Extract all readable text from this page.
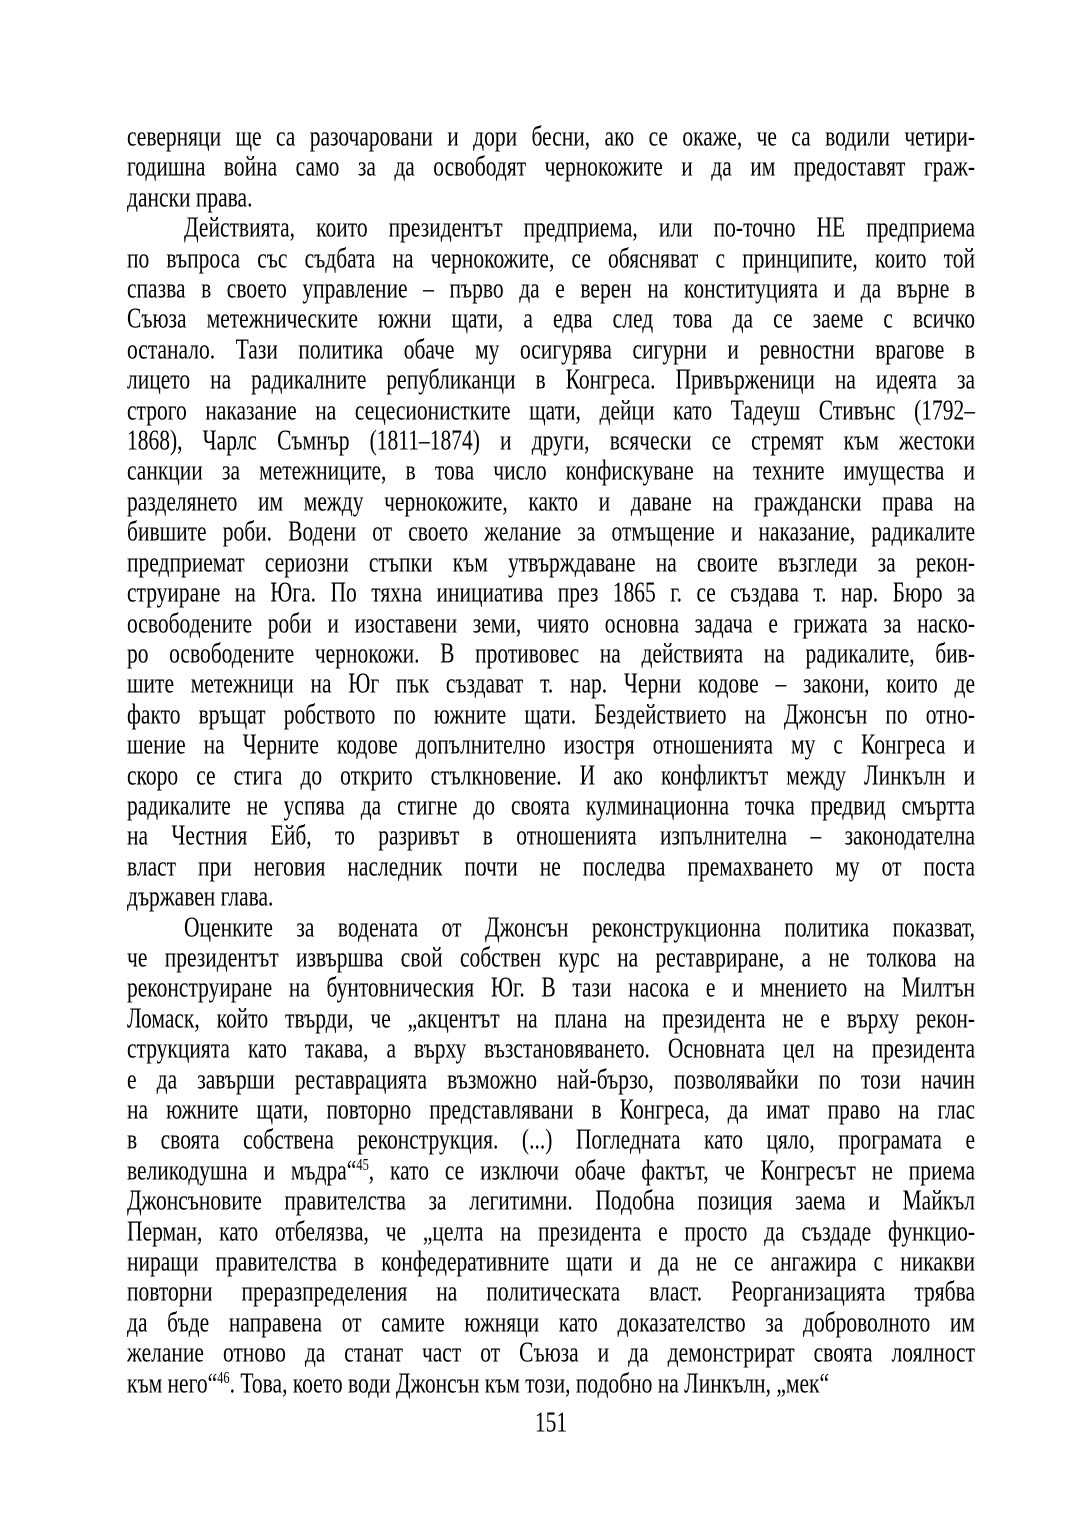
северняци ще са разочаровани и дори бесни, ако се окаже, че са водили четири-
годишна война само за да освободят чернокожите и да им предоставят граж-
дански права.
Действията, които президентът предприема, или по-точно НЕ предприема
по въпроса със съдбата на чернокожите, се обясняват с принципите, които той
спазва в своето управление – първо да е верен на конституцията и да върне в
Съюза метежническите южни щати, а едва след това да се заеме с всичко
останало. Тази политика обаче му осигурява сигурни и ревностни врагове в
лицето на радикалните републиканци в Конгреса. Привърженици на идеята за
строго наказание на сецесионистките щати, дейци като Тадеуш Стивънс (1792–
1868), Чарлс Съмнър (1811–1874) и други, всячески се стремят към жестоки
санкции за метежниците, в това число конфискуване на техните имущества и
разделянето им между чернокожите, както и даване на граждански права на
бившите роби. Водени от своето желание за отмъщение и наказание, радикалите
предприемат сериозни стъпки към утвърждаване на своите възгледи за рекон-
струиране на Юга. По тяхна инициатива през 1865 г. се създава т. нар. Бюро за
освободените роби и изоставени земи, чиято основна задача е грижата за наско-
ро освободените чернокожи. В противовес на действията на радикалите, бив-
шите метежници на Юг пък създават т. нар. Черни кодове – закони, които де
факто връщат робството по южните щати. Бездействието на Джонсън по отно-
шение на Черните кодове допълнително изостря отношенията му с Конгреса и
скоро се стига до открито стълкновение. И ако конфликтът между Линкълн и
радикалите не успява да стигне до своята кулминационна точка предвид смъртта
на Честния Ейб, то разривът в отношенията изпълнителна – законодателна
власт при неговия наследник почти не последва премахването му от поста
държавен глава.
Оценките за водената от Джонсън реконструкционна политика показват,
че президентът извършва свой собствен курс на реставриране, а не толкова на
реконструиране на бунтовническия Юг. В тази насока е и мнението на Милтън
Ломаск, който твърди, че „акцентът на плана на президента не е върху рекон-
струкцията като такава, а върху възстановяването. Основната цел на президента
е да завърши реставрацията възможно най-бързо, позволявайки по този начин
на южните щати, повторно представлявани в Конгреса, да имат право на глас
в своята собствена реконструкция. (...) Погледната като цяло, програмата е
великодушна и мъдра“$^{45}$, като се изключи обаче фактът, че Конгресът не приема
Джонсъновите правителства за легитимни. Подобна позиция заема и Майкъл
Перман, като отбелязва, че „целта на президента е просто да създаде функцио-
ниращи правителства в конфедеративните щати и да не се ангажира с никакви
повторни преразпределения на политическата власт. Реорганизацията трябва
да бъде направена от самите южняци като доказателство за доброволното им
желание отново да станат част от Съюза и да демонстрират своята лоялност
към него“$^{46}$. Това, което води Джонсън към този, подобно на Линкълн, „мек“
151
